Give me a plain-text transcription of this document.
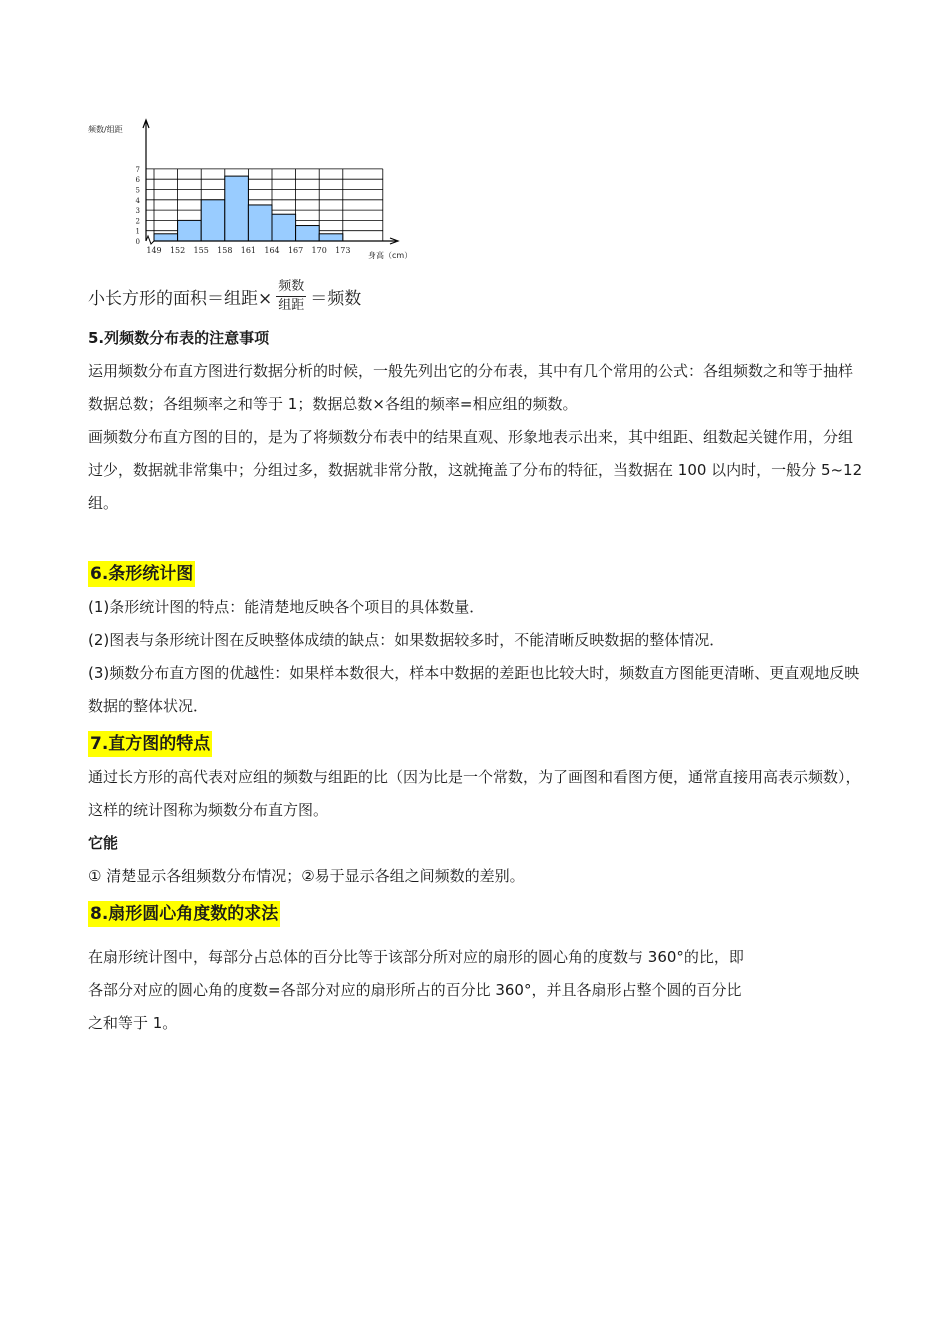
0
1
2
3
4
5
6
7
149 152 155 158 161 164 167 170 173
频数/组距
身高（cm）
小长方形的面积＝组距× $\frac{\text{频数}}{\text{组距}}$ ＝频数

5.列频数分布表的注意事项

运用频数分布直方图进行数据分析的时候，一般先列出它的分布表，其中有几个常用的公式：各组频数之和等于抽样数据总数；各组频率之和等于 1；数据总数×各组的频率=相应组的频数。

画频数分布直方图的目的，是为了将频数分布表中的结果直观、形象地表示出来，其中组距、组数起关键作用，分组过少，数据就非常集中；分组过多，数据就非常分散，这就掩盖了分布的特征，当数据在 100 以内时，一般分 5~12 组。

6.条形统计图

(1)条形统计图的特点：能清楚地反映各个项目的具体数量．

(2)图表与条形统计图在反映整体成绩的缺点：如果数据较多时，不能清晰反映数据的整体情况．

(3)频数分布直方图的优越性：如果样本数很大，样本中数据的差距也比较大时，频数直方图能更清晰、更直观地反映数据的整体状况．

7.直方图的特点

通过长方形的高代表对应组的频数与组距的比（因为比是一个常数，为了画图和看图方便，通常直接用高表示频数），这样的统计图称为频数分布直方图。

它能

① 清楚显示各组频数分布情况；②易于显示各组之间频数的差别。

8.扇形圆心角度数的求法

在扇形统计图中，每部分占总体的百分比等于该部分所对应的扇形的圆心角的度数与 360°的比，即各部分对应的圆心角的度数=各部分对应的扇形所占的百分比 360°，并且各扇形占整个圆的百分比之和等于 1。
